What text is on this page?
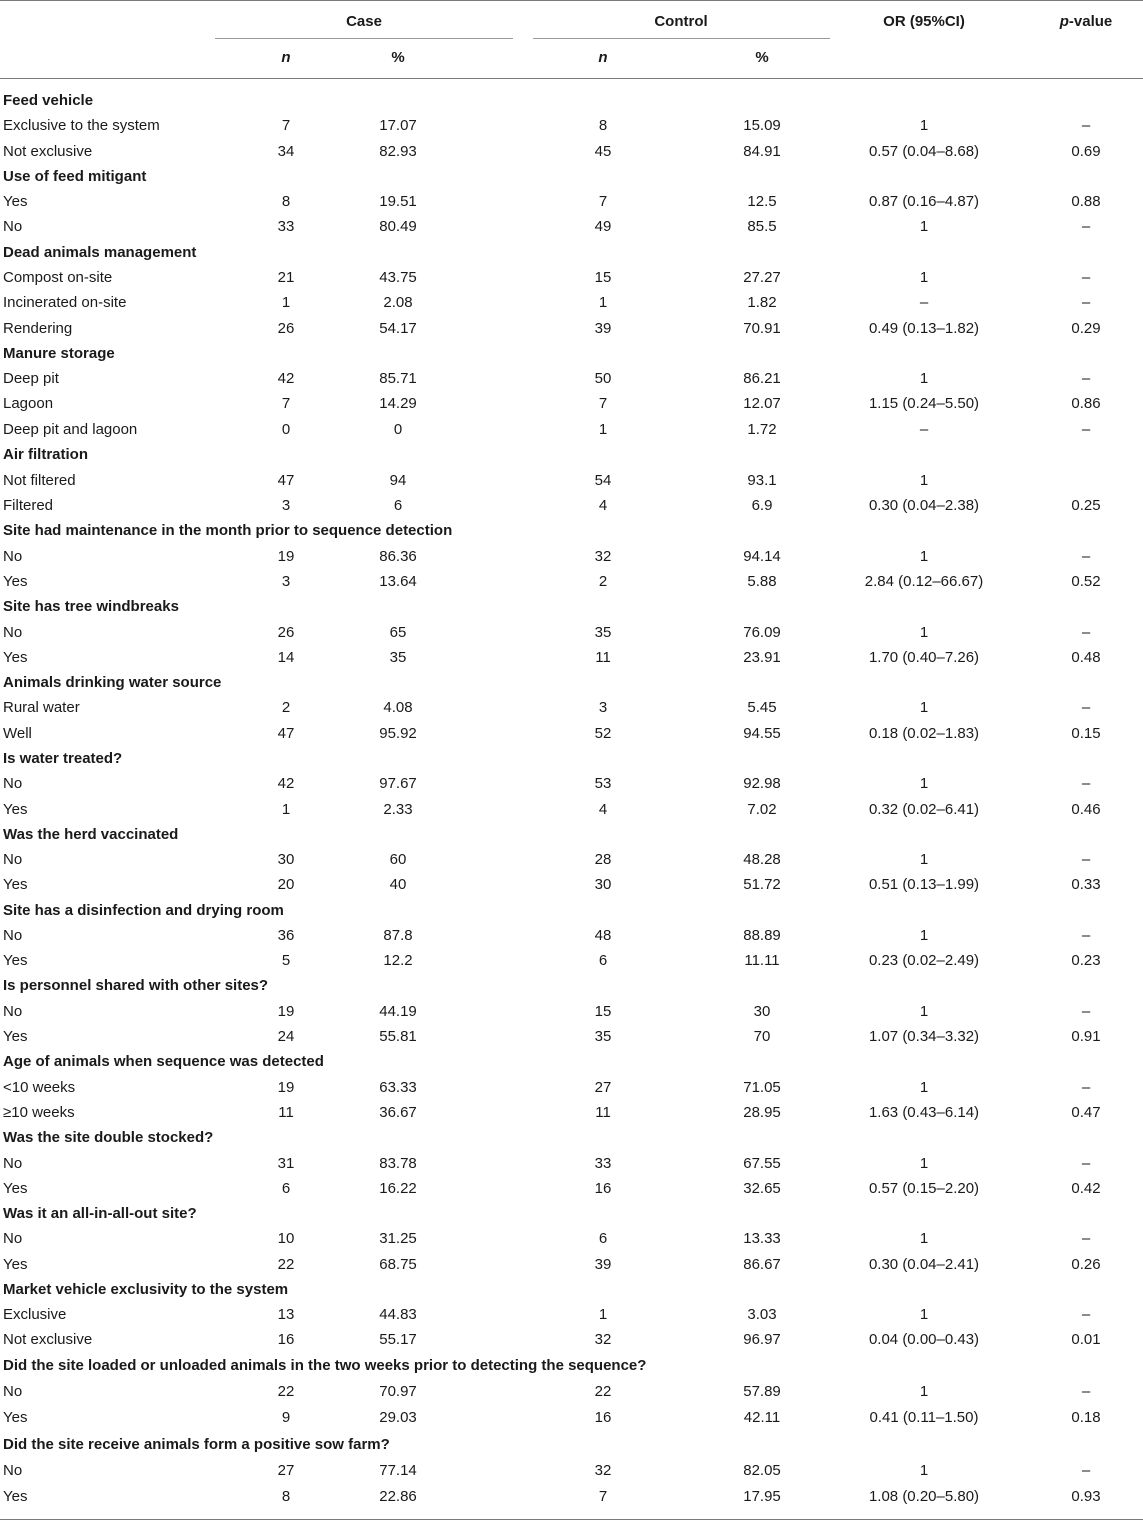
Case	Control	OR (95%CI)	p-value
n	%	n	%
Feed vehicle
Exclusive to the system	7	17.07	8	15.09	1	–
Not exclusive	34	82.93	45	84.91	0.57 (0.04–8.68)	0.69
Use of feed mitigant
Yes	8	19.51	7	12.5	0.87 (0.16–4.87)	0.88
No	33	80.49	49	85.5	1	–
Dead animals management
Compost on-site	21	43.75	15	27.27	1	–
Incinerated on-site	1	2.08	1	1.82	–	–
Rendering	26	54.17	39	70.91	0.49 (0.13–1.82)	0.29
Manure storage
Deep pit	42	85.71	50	86.21	1	–
Lagoon	7	14.29	7	12.07	1.15 (0.24–5.50)	0.86
Deep pit and lagoon	0	0	1	1.72	–	–
Air filtration
Not filtered	47	94	54	93.1	1
Filtered	3	6	4	6.9	0.30 (0.04–2.38)	0.25
Site had maintenance in the month prior to sequence detection
No	19	86.36	32	94.14	1	–
Yes	3	13.64	2	5.88	2.84 (0.12–66.67)	0.52
Site has tree windbreaks
No	26	65	35	76.09	1	–
Yes	14	35	11	23.91	1.70 (0.40–7.26)	0.48
Animals drinking water source
Rural water	2	4.08	3	5.45	1	–
Well	47	95.92	52	94.55	0.18 (0.02–1.83)	0.15
Is water treated?
No	42	97.67	53	92.98	1	–
Yes	1	2.33	4	7.02	0.32 (0.02–6.41)	0.46
Was the herd vaccinated
No	30	60	28	48.28	1	–
Yes	20	40	30	51.72	0.51 (0.13–1.99)	0.33
Site has a disinfection and drying room
No	36	87.8	48	88.89	1	–
Yes	5	12.2	6	11.11	0.23 (0.02–2.49)	0.23
Is personnel shared with other sites?
No	19	44.19	15	30	1	–
Yes	24	55.81	35	70	1.07 (0.34–3.32)	0.91
Age of animals when sequence was detected
<10 weeks	19	63.33	27	71.05	1	–
≥10 weeks	11	36.67	11	28.95	1.63 (0.43–6.14)	0.47
Was the site double stocked?
No	31	83.78	33	67.55	1	–
Yes	6	16.22	16	32.65	0.57 (0.15–2.20)	0.42
Was it an all-in-all-out site?
No	10	31.25	6	13.33	1	–
Yes	22	68.75	39	86.67	0.30 (0.04–2.41)	0.26
Market vehicle exclusivity to the system
Exclusive	13	44.83	1	3.03	1	–
Not exclusive	16	55.17	32	96.97	0.04 (0.00–0.43)	0.01
Did the site loaded or unloaded animals in the two weeks prior to detecting the sequence?
No	22	70.97	22	57.89	1	–
Yes	9	29.03	16	42.11	0.41 (0.11–1.50)	0.18
Did the site receive animals form a positive sow farm?
No	27	77.14	32	82.05	1	–
Yes	8	22.86	7	17.95	1.08 (0.20–5.80)	0.93
